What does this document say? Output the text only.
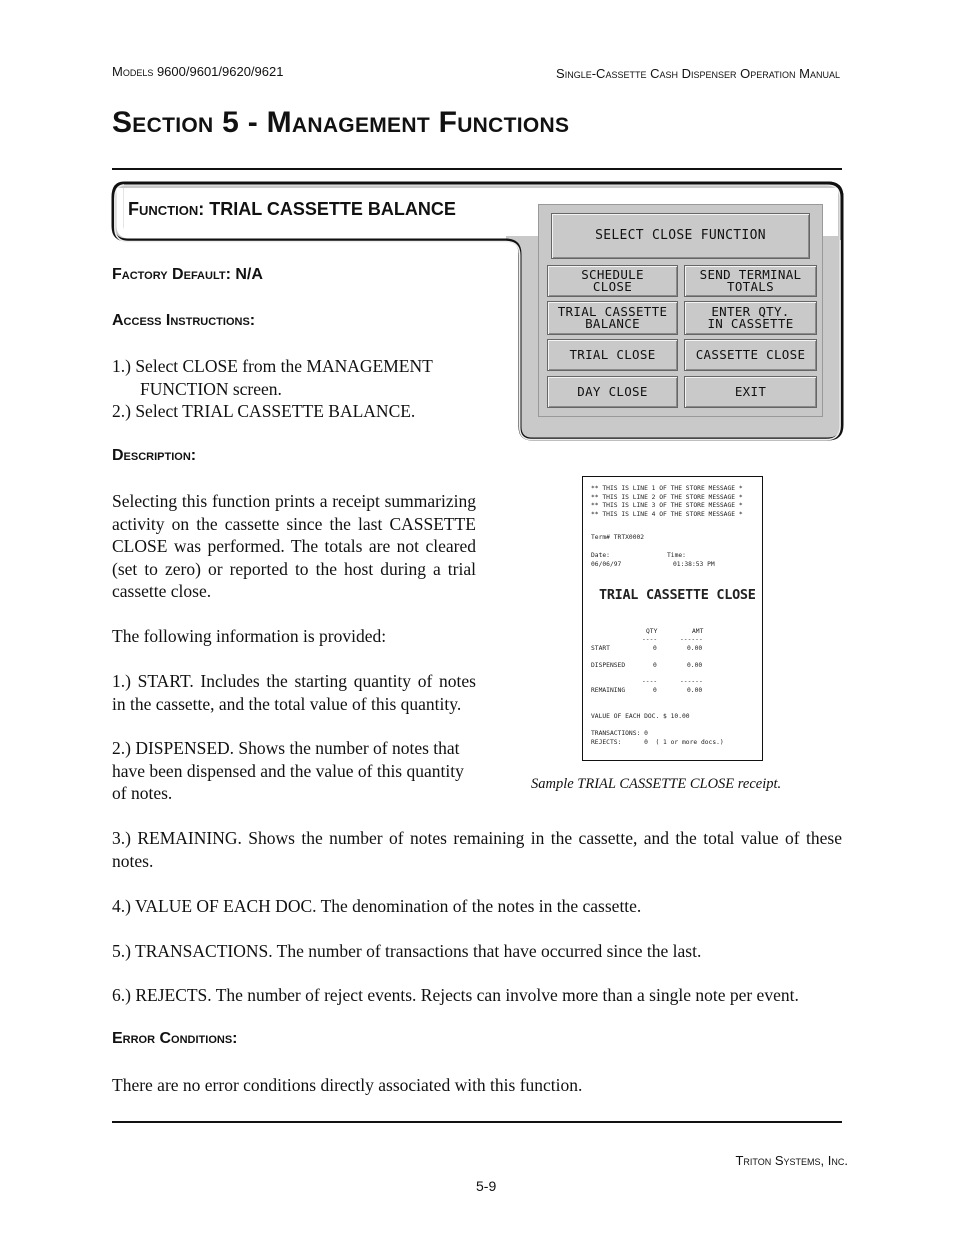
Models 9600/9601/9620/9621	Single-Cassette Cash Dispenser Operation Manual
Section 5 - Management Functions
Function: TRIAL CASSETTE BALANCE
SELECT CLOSE FUNCTION
SCHEDULE
CLOSE
SEND TERMINAL
TOTALS
TRIAL CASSETTE
BALANCE
ENTER QTY.
IN CASSETTE
TRIAL CLOSE	CASSETTE CLOSE
DAY CLOSE	EXIT
Factory Default: N/A
Access Instructions:
1.) Select CLOSE from the MANAGEMENT
FUNCTION screen.
2.) Select TRIAL CASSETTE BALANCE.
Description:
Selecting this function prints a receipt summarizing activity on the cassette since the last CASSETTE CLOSE was performed. The totals are not cleared (set to zero) or reported to the host during a trial cassette close.
The following information is provided:
1.) START. Includes the starting quantity of notes in the cassette, and the total value of this quantity.
2.) DISPENSED. Shows the number of notes that have been dispensed and the value of this quantity of notes.
** THIS IS LINE 1 OF THE STORE MESSAGE *
** THIS IS LINE 2 OF THE STORE MESSAGE *
** THIS IS LINE 3 OF THE STORE MESSAGE *
** THIS IS LINE 4 OF THE STORE MESSAGE *
Term# TRTX0002
Date:
06/06/97
Time:
01:38:53 PM
TRIAL CASSETTE CLOSE
QTY	AMT
----	------
START	0	0.00
DISPENSED	0	0.00
----	------
REMAINING	0	0.00
VALUE OF EACH DOC. $ 10.00
TRANSACTIONS: 0
REJECTS:      0  ( 1 or more docs.)
Sample TRIAL CASSETTE CLOSE receipt.
3.) REMAINING. Shows the number of notes remaining in the cassette, and the total value of these notes.
4.) VALUE OF EACH DOC. The denomination of the notes in the cassette.
5.) TRANSACTIONS. The number of transactions that have occurred since the last.
6.) REJECTS. The number of reject events. Rejects can involve more than a single note per event.
Error Conditions:
There are no error conditions directly associated with this function.
Triton Systems, Inc.
5-9
